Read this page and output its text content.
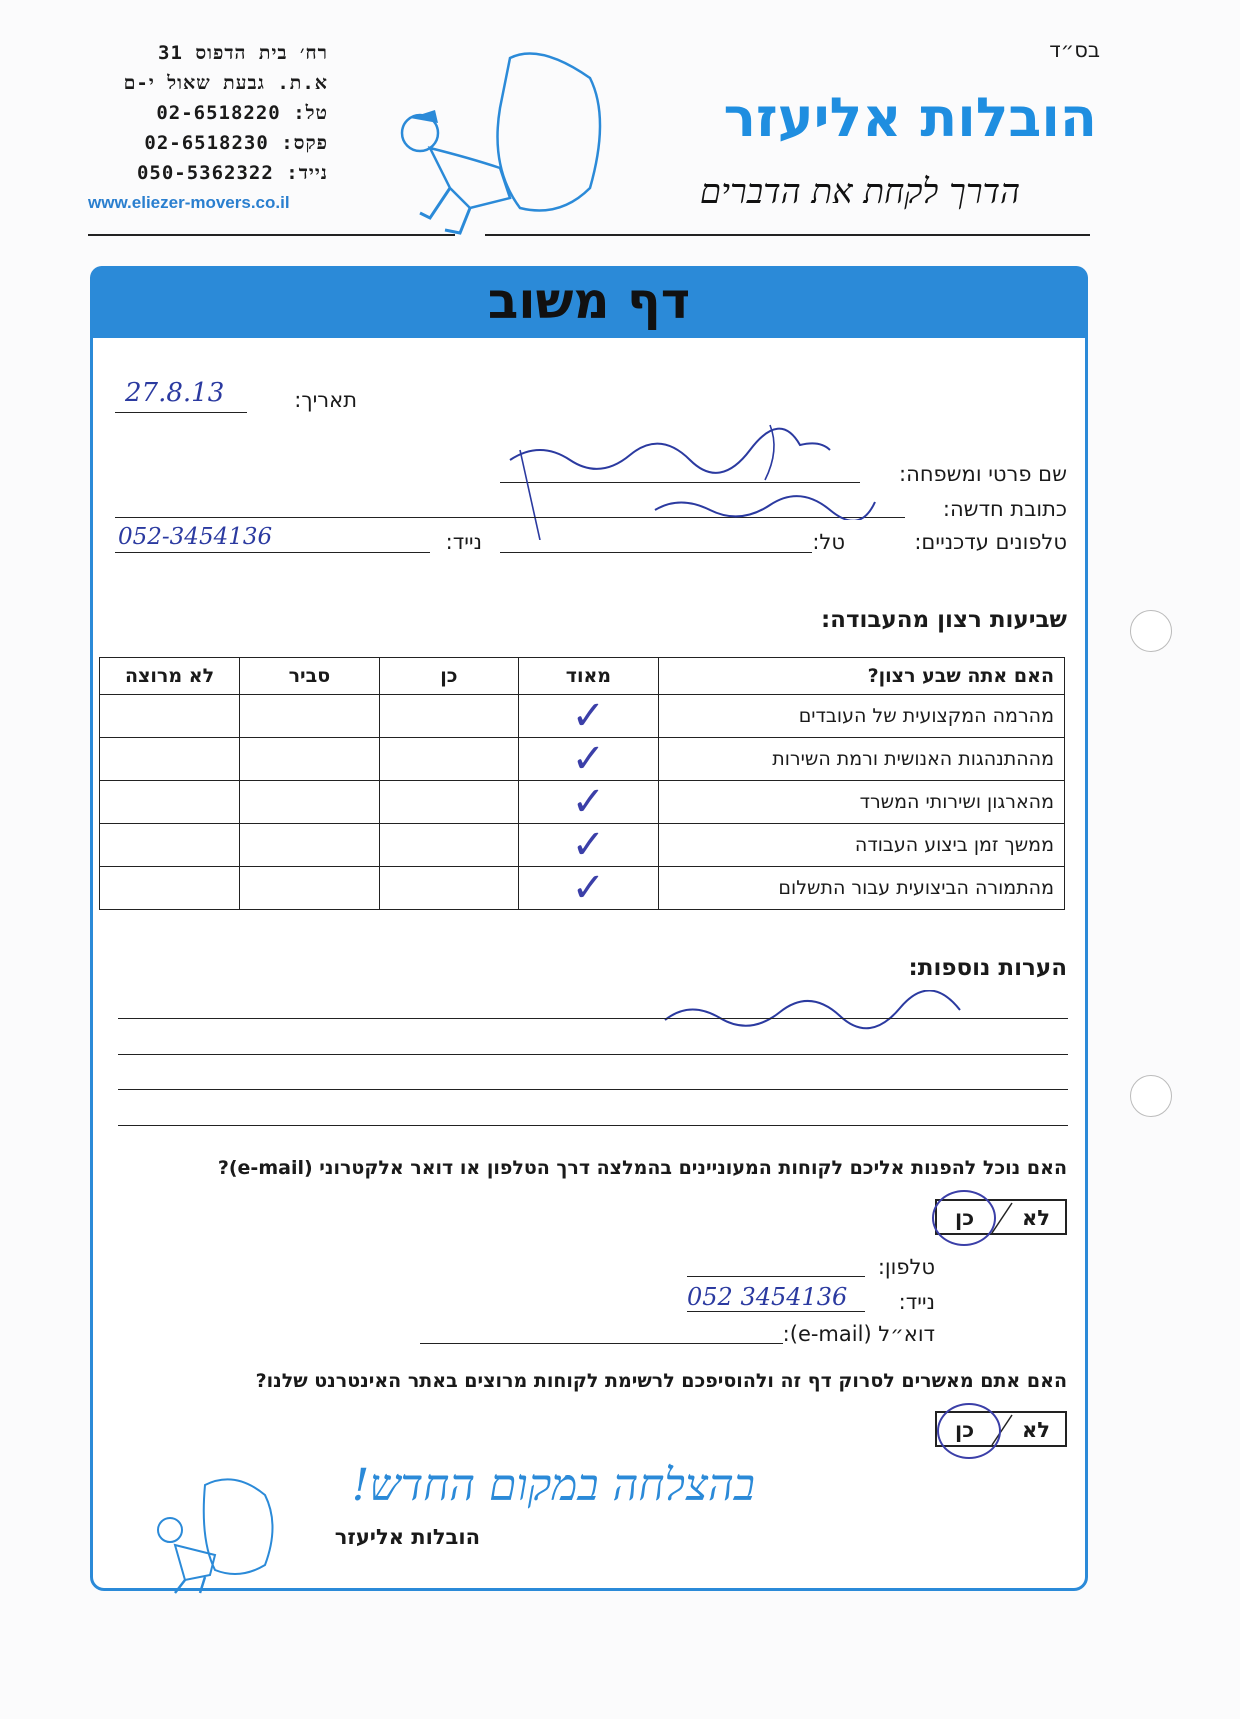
רח׳ בית הדפוס 31
א.ת. גבעת שאול י-ם
טל: 02-6518220
פקס: 02-6518230
נייד: 050-5362322
www.eliezer-movers.co.il
בס״ד
הובלות אליעזר
הדרך לקחת את הדברים
דף משוב
תאריך:
27.8.13
שם פרטי ומשפחה:
כתובת חדשה:
טלפונים עדכניים:
טל:
נייד:
052-3454136
שביעות רצון מהעבודה:
האם אתה שבע רצון?	מאוד	כן	סביר	לא מרוצה
מהרמה המקצועית של העובדים	✓			
מההתנהגות האנושית ורמת השירות	✓			
מהארגון ושירותי המשרד	✓			
ממשך זמן ביצוע העבודה	✓			
מהתמורה הביצועית עבור התשלום	✓			
הערות נוספות:
האם נוכל להפנות אליכם לקוחות המעוניינים בהמלצה דרך הטלפון או דואר אלקטרוני (e-mail)?
כן לא
טלפון:
נייד:
052 3454136
דוא״ל (e-mail):
האם אתם מאשרים לסרוק דף זה ולהוסיפכם לרשימת לקוחות מרוצים באתר האינטרנט שלנו?
כן לא
בהצלחה במקום החדש!
הובלות אליעזר
